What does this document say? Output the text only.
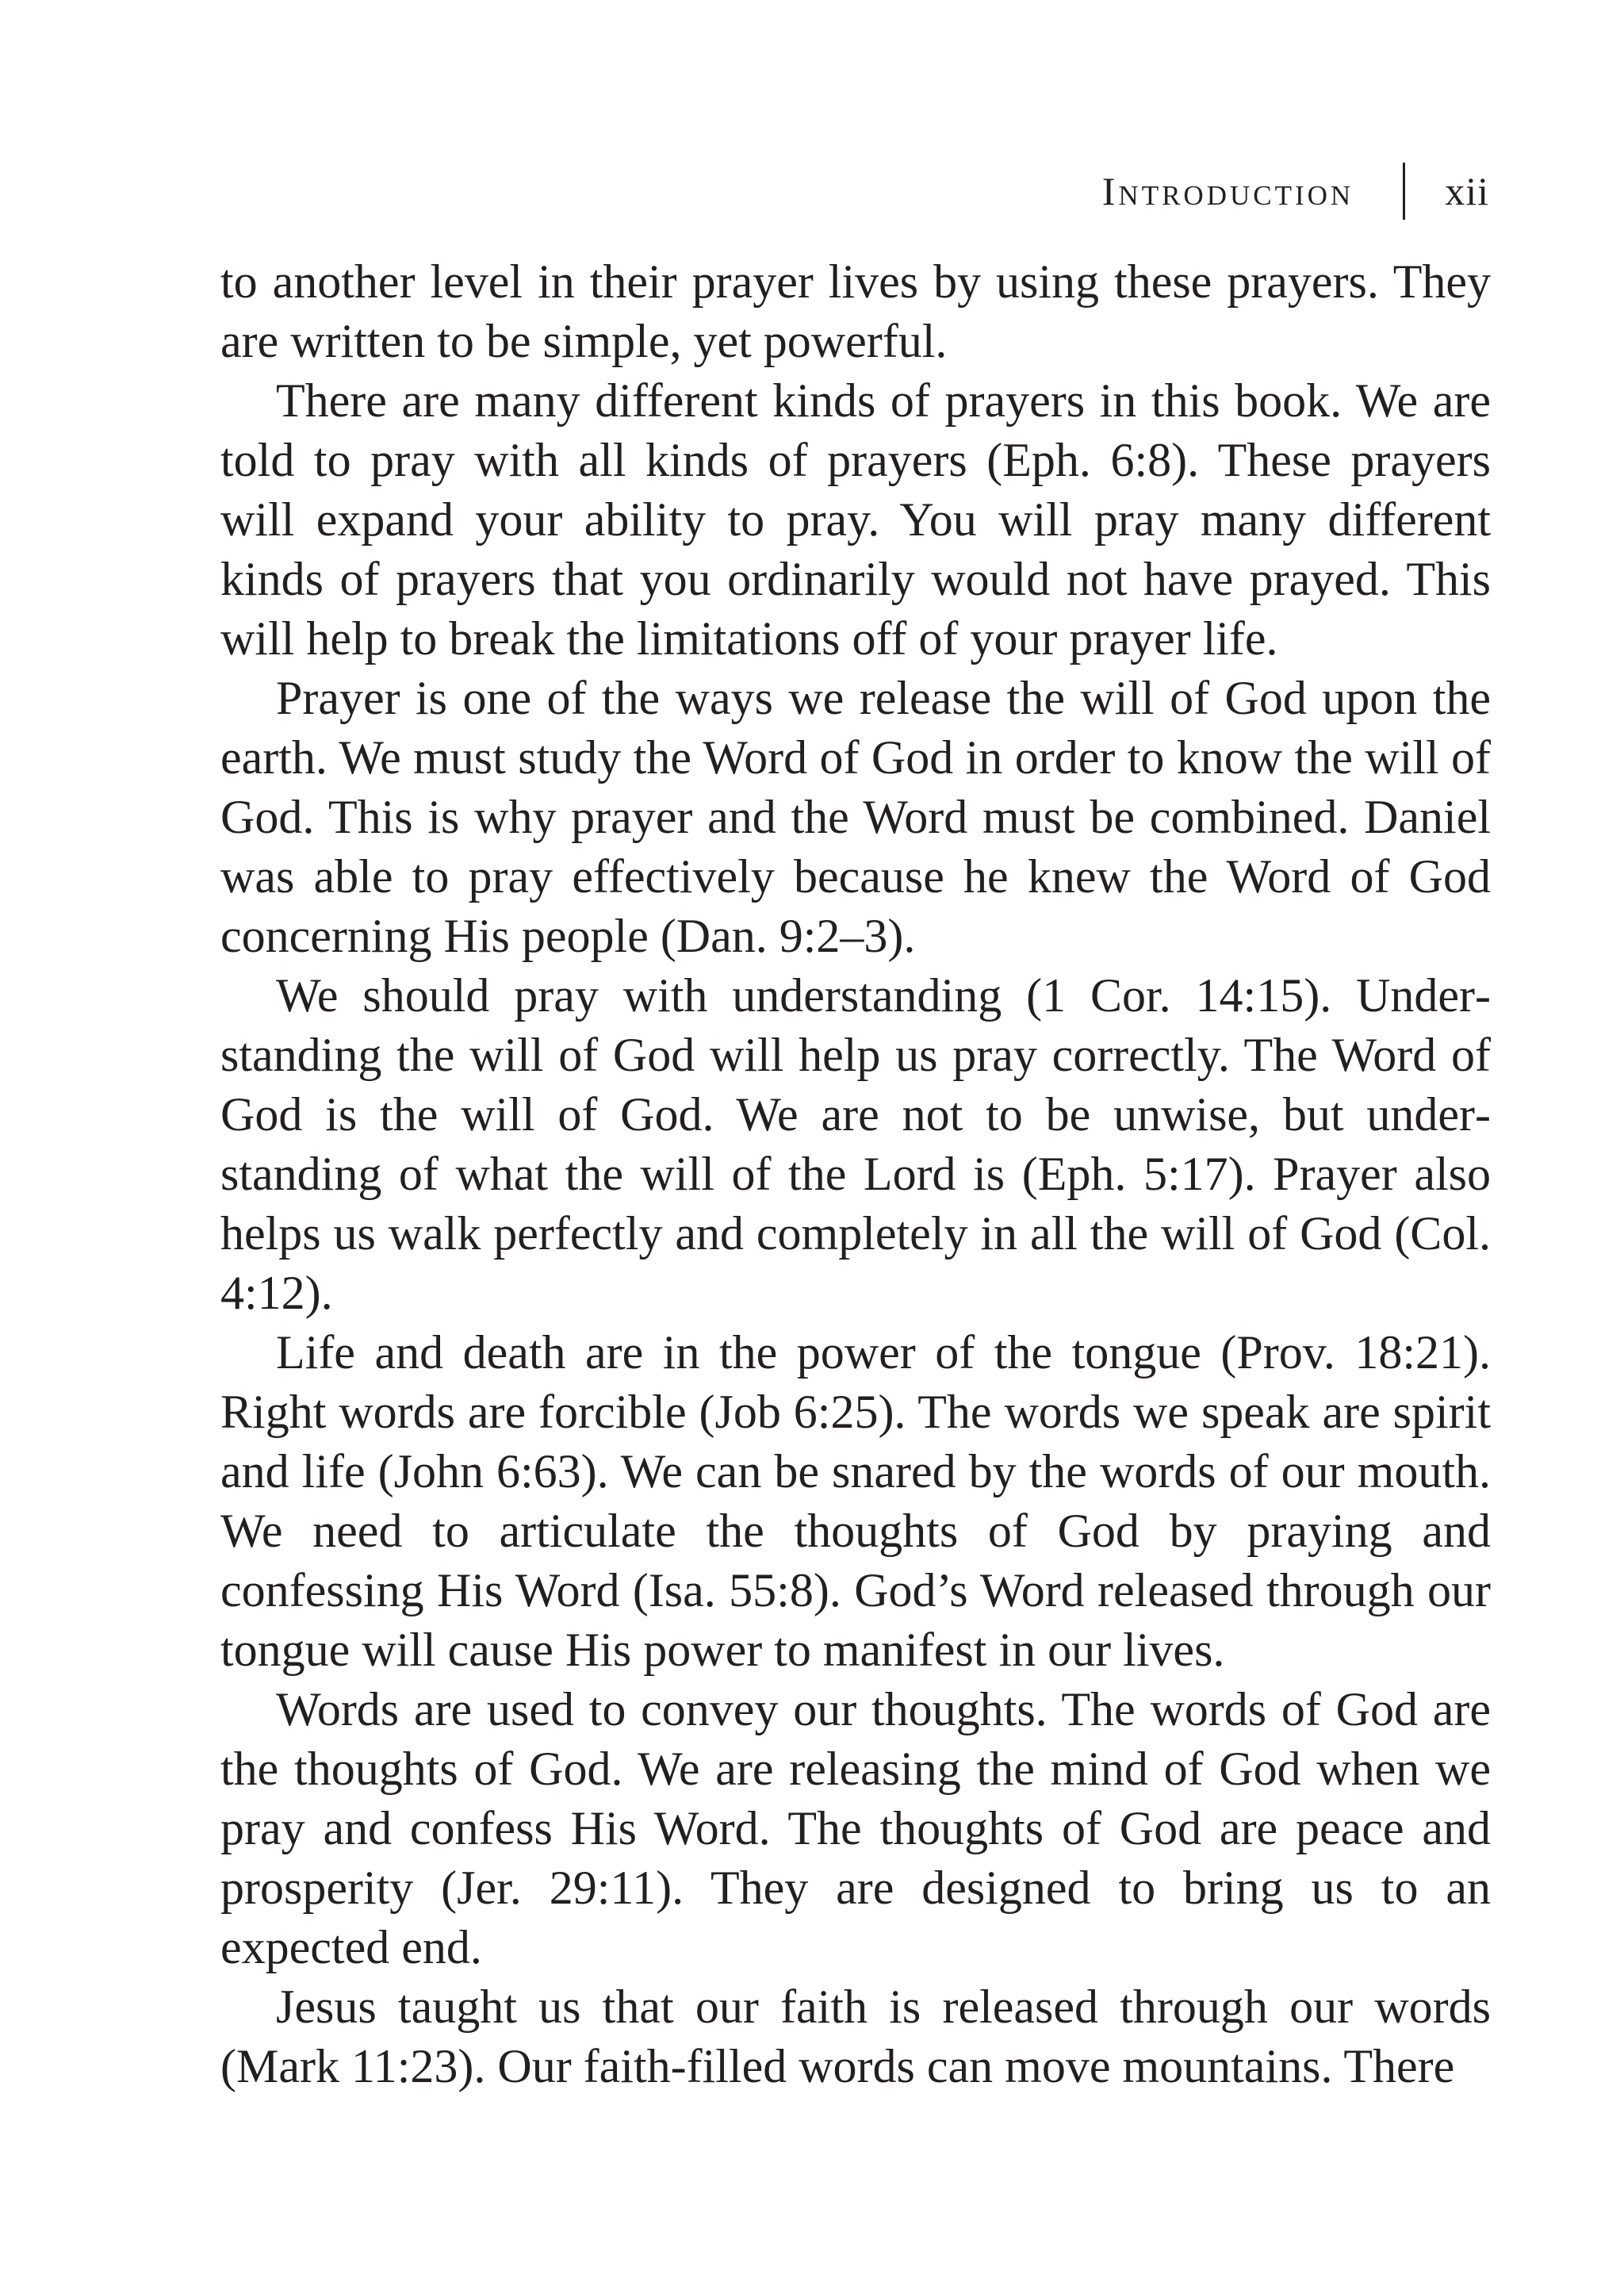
Introduction xii

to another level in their prayer lives by using these prayers. They are written to be simple, yet powerful.

There are many different kinds of prayers in this book. We are told to pray with all kinds of prayers (Eph. 6:8). These prayers will expand your ability to pray. You will pray many different kinds of prayers that you ordinarily would not have prayed. This will help to break the limitations off of your prayer life.

Prayer is one of the ways we release the will of God upon the earth. We must study the Word of God in order to know the will of God. This is why prayer and the Word must be combined. Daniel was able to pray effectively because he knew the Word of God concerning His people (Dan. 9:2–3).

We should pray with understanding (1 Cor. 14:15). Understanding the will of God will help us pray correctly. The Word of God is the will of God. We are not to be unwise, but understanding of what the will of the Lord is (Eph. 5:17). Prayer also helps us walk perfectly and completely in all the will of God (Col. 4:12).

Life and death are in the power of the tongue (Prov. 18:21). Right words are forcible (Job 6:25). The words we speak are spirit and life (John 6:63). We can be snared by the words of our mouth. We need to articulate the thoughts of God by praying and confessing His Word (Isa. 55:8). God’s Word released through our tongue will cause His power to manifest in our lives.

Words are used to convey our thoughts. The words of God are the thoughts of God. We are releasing the mind of God when we pray and confess His Word. The thoughts of God are peace and prosperity (Jer. 29:11). They are designed to bring us to an expected end.

Jesus taught us that our faith is released through our words (Mark 11:23). Our faith-filled words can move mountains. There
